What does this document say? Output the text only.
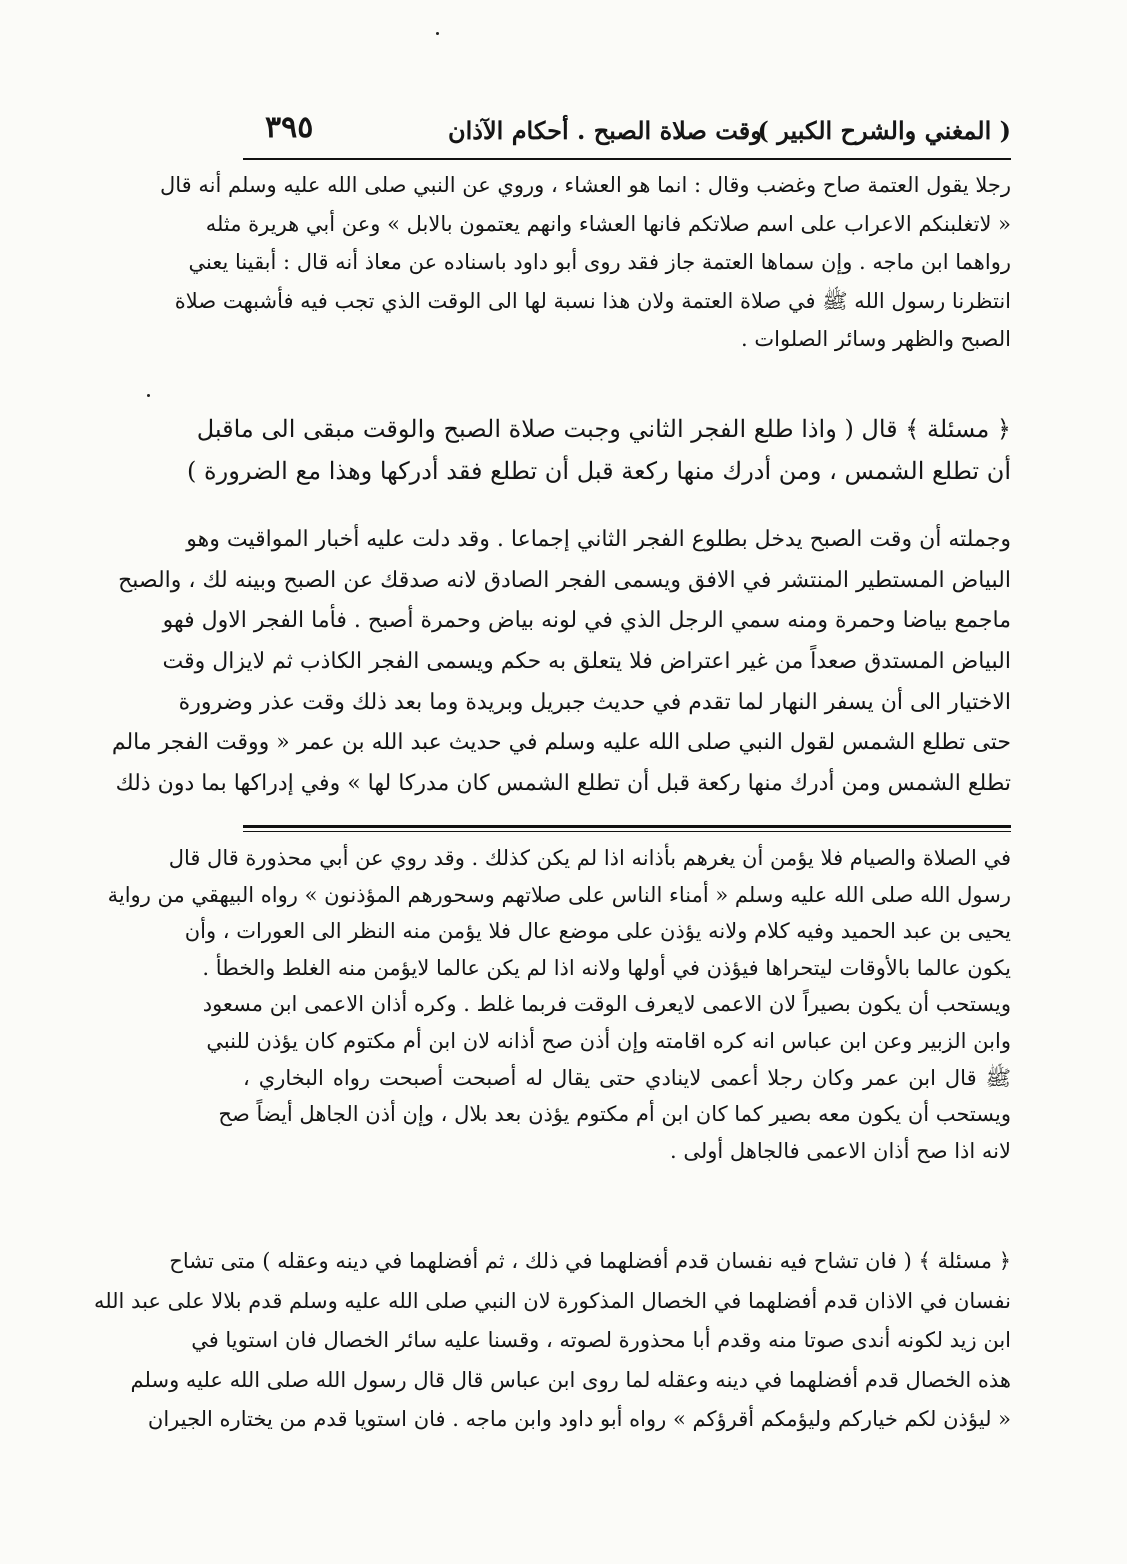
( المغني والشرح الكبير )
وقت صلاة الصبح . أحكام الآذان
٣٩٥
رجلا يقول العتمة صاح وغضب وقال : انما هو العشاء ، وروي عن النبي صلى الله عليه وسلم أنه قال
« لاتغلبنكم الاعراب على اسم صلاتكم فانها العشاء وانهم يعتمون بالابل » وعن أبي هريرة مثله
رواهما ابن ماجه . وإن سماها العتمة جاز فقد روى أبو داود باسناده عن معاذ أنه قال : أبقينا يعني
انتظرنا رسول الله ﷺ في صلاة العتمة ولان هذا نسبة لها الى الوقت الذي تجب فيه فأشبهت صلاة
الصبح والظهر وسائر الصلوات .
﴿ مسئلة ﴾ قال ( واذا طلع الفجر الثاني وجبت صلاة الصبح والوقت مبقى الى ماقبل
أن تطلع الشمس ، ومن أدرك منها ركعة قبل أن تطلع فقد أدركها وهذا مع الضرورة )
وجملته أن وقت الصبح يدخل بطلوع الفجر الثاني إجماعا . وقد دلت عليه أخبار المواقيت وهو
البياض المستطير المنتشر في الافق ويسمى الفجر الصادق لانه صدقك عن الصبح وبينه لك ، والصبح
ماجمع بياضا وحمرة ومنه سمي الرجل الذي في لونه بياض وحمرة أصبح . فأما الفجر الاول فهو
البياض المستدق صعداً من غير اعتراض فلا يتعلق به حكم ويسمى الفجر الكاذب ثم لايزال وقت
الاختيار الى أن يسفر النهار لما تقدم في حديث جبريل وبريدة وما بعد ذلك وقت عذر وضرورة
حتى تطلع الشمس لقول النبي صلى الله عليه وسلم في حديث عبد الله بن عمر « ووقت الفجر مالم
تطلع الشمس ومن أدرك منها ركعة قبل أن تطلع الشمس كان مدركا لها » وفي إدراكها بما دون ذلك
في الصلاة والصيام فلا يؤمن أن يغرهم بأذانه اذا لم يكن كذلك . وقد روي عن أبي محذورة قال قال
رسول الله صلى الله عليه وسلم « أمناء الناس على صلاتهم وسحورهم المؤذنون » رواه البيهقي من رواية
يحيى بن عبد الحميد وفيه كلام ولانه يؤذن على موضع عال فلا يؤمن منه النظر الى العورات ، وأن
يكون عالما بالأوقات ليتحراها فيؤذن في أولها ولانه اذا لم يكن عالما لايؤمن منه الغلط والخطأ .
ويستحب أن يكون بصيراً لان الاعمى لايعرف الوقت فربما غلط . وكره أذان الاعمى ابن مسعود
وابن الزبير وعن ابن عباس انه كره اقامته وإن أذن صح أذانه لان ابن أم مكتوم كان يؤذن للنبي
ﷺ قال ابن عمر وكان رجلا أعمى لاينادي حتى يقال له أصبحت أصبحت رواه البخاري ،
ويستحب أن يكون معه بصير كما كان ابن أم مكتوم يؤذن بعد بلال ، وإن أذن الجاهل أيضاً صح
لانه اذا صح أذان الاعمى فالجاهل أولى .
﴿ مسئلة ﴾ ( فان تشاح فيه نفسان قدم أفضلهما في ذلك ، ثم أفضلهما في دينه وعقله ) متى تشاح
نفسان في الاذان قدم أفضلهما في الخصال المذكورة لان النبي صلى الله عليه وسلم قدم بلالا على عبد الله
ابن زيد لكونه أندى صوتا منه وقدم أبا محذورة لصوته ، وقسنا عليه سائر الخصال فان استويا في
هذه الخصال قدم أفضلهما في دينه وعقله لما روى ابن عباس قال قال رسول الله صلى الله عليه وسلم
« ليؤذن لكم خياركم وليؤمكم أقرؤكم » رواه أبو داود وابن ماجه . فان استويا قدم من يختاره الجيران
